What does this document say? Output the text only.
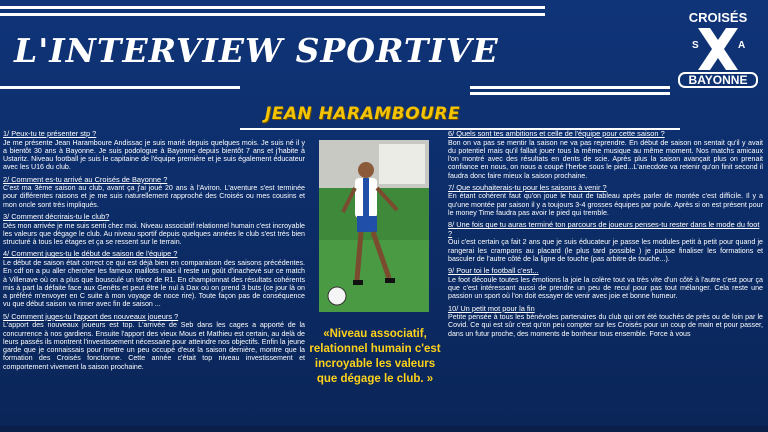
L'INTERVIEW SPORTIVE
CROISÉS
S	A
BAYONNE
JEAN HARAMBOURE
«Niveau associatif, relationnel humain c'est incroyable les valeurs que dégage le club. »

1/ Peux-tu te présenter stp ?

Je me présente Jean Haramboure Andissac je suis marié depuis quelques mois. Je suis né il y a bientôt 30 ans à Bayonne. Je suis podologue à Bayonne depuis bientôt 7 ans et j'habite à Ustaritz. Niveau football je suis le capitaine de l'équipe première et je suis également éducateur avec les U16 du club.

2/ Comment es-tu arrivé au Croisés de Bayonne ?

C'est ma 3ème saison au club, avant ça j'ai joué 20 ans à l'Aviron. L'aventure s'est terminée pour différentes raisons et je me suis naturellement rapproché des Croisés ou mes cousins et mon oncle sont très impliqués.

3/ Comment décrirais-tu le club?

Dès mon arrivée je me suis senti chez moi. Niveau associatif relationnel humain c'est incroyable les valeurs que dégage le club. Au niveau sportif depuis quelques années le club s'est très bien structuré à tous les étages et ça se ressent sur le terrain.

4/ Comment juges-tu le début de saison de l'équipe ?

Le début de saison était correct ce qui est déjà bien en comparaison des saisons précédentes. En cdf on a pu aller chercher les fameux maillots mais il reste un goût d'inachevé sur ce match à Villenave où on a plus que bousculé un ténor de R1. En championnat des résultats cohérents mis à part la défaite face aux Genêts et peut être le nul à Dax où on prend 3 buts (ce jour là on a préféré m'envoyer en C suite à mon voyage de noce rire). Toute façon pas de conséquence vu que début saison va rimer avec fin de saison ...

5/ Comment juges-tu l'apport des nouveaux joueurs ?

L'apport des nouveaux joueurs est top. L'arrivée de Seb dans les cages a apporté de la concurrence à nos gardiens. Ensuite l'apport des vieux Mous et Mathieu est certain, au delà de leurs passés ils montrent l'investissement nécessaire pour atteindre nos objectifs. Enfin la jeune garde que je connaissais pour mettre un peu occupé d'eux la saison dernière, montre que la formation des Croisés fonctionne. Cette année c'était top niveau investissement et comportement vivement la saison prochaine.

6/ Quels sont tes ambitions et celle de l'équipe pour cette saison ?

Bon on va pas se mentir la saison ne va pas reprendre. En début de saison on sentait qu'il y avait du potentiel mais qu'il fallait jouer tous la même musique au même moment. Nos matchs amicaux l'on montré avec des résultats en dents de scie. Après plus la saison avançait plus on prenait confiance en nous, on nous a coupé l'herbe sous le pied...L'anecdote va retenir qu'on finit second il faudra donc faire mieux la saison prochaine.

7/ Que souhaiterais-tu pour les saisons à venir ?

En étant cohérent faut qu'on joue le haut de tableau après parler de montée c'est difficile. Il y a qu'une montée par saison il y a toujours 3-4 grosses équipes par poule. Après si on est présent pour le money Time faudra pas avoir le pied qui tremble.

8/ Une fois que tu auras terminé ton parcours de joueurs penses-tu rester dans le mode du foot ?

Oui c'est certain ça fait 2 ans que je suis éducateur je passe les modules petit à petit pour quand je rangerai les crampons au placard (le plus tard possible ) je puisse finaliser les formations et basculer de l'autre côté de la ligne de touche (pas arbitre de touche...).

9/ Pour toi le football c'est...

Le foot découle toutes les émotions la joie la colère tout va très vite d'un côté à l'autre c'est pour ça que c'est intéressant aussi de prendre un peu de recul pour pas tout mélanger. Cela reste une passion un sport où l'on doit essayer de venir avec joie et bonne humeur.

10/ Un petit mot pour la fin

Petite pensée à tous les bénévoles partenaires du club qui ont été touchés de près ou de loin par le Covid. Ce qui est sûr c'est qu'on peu compter sur les Croisés pour un coup de main et pour passer, dans un futur proche, des moments de bonheur tous ensemble. Force à vous
